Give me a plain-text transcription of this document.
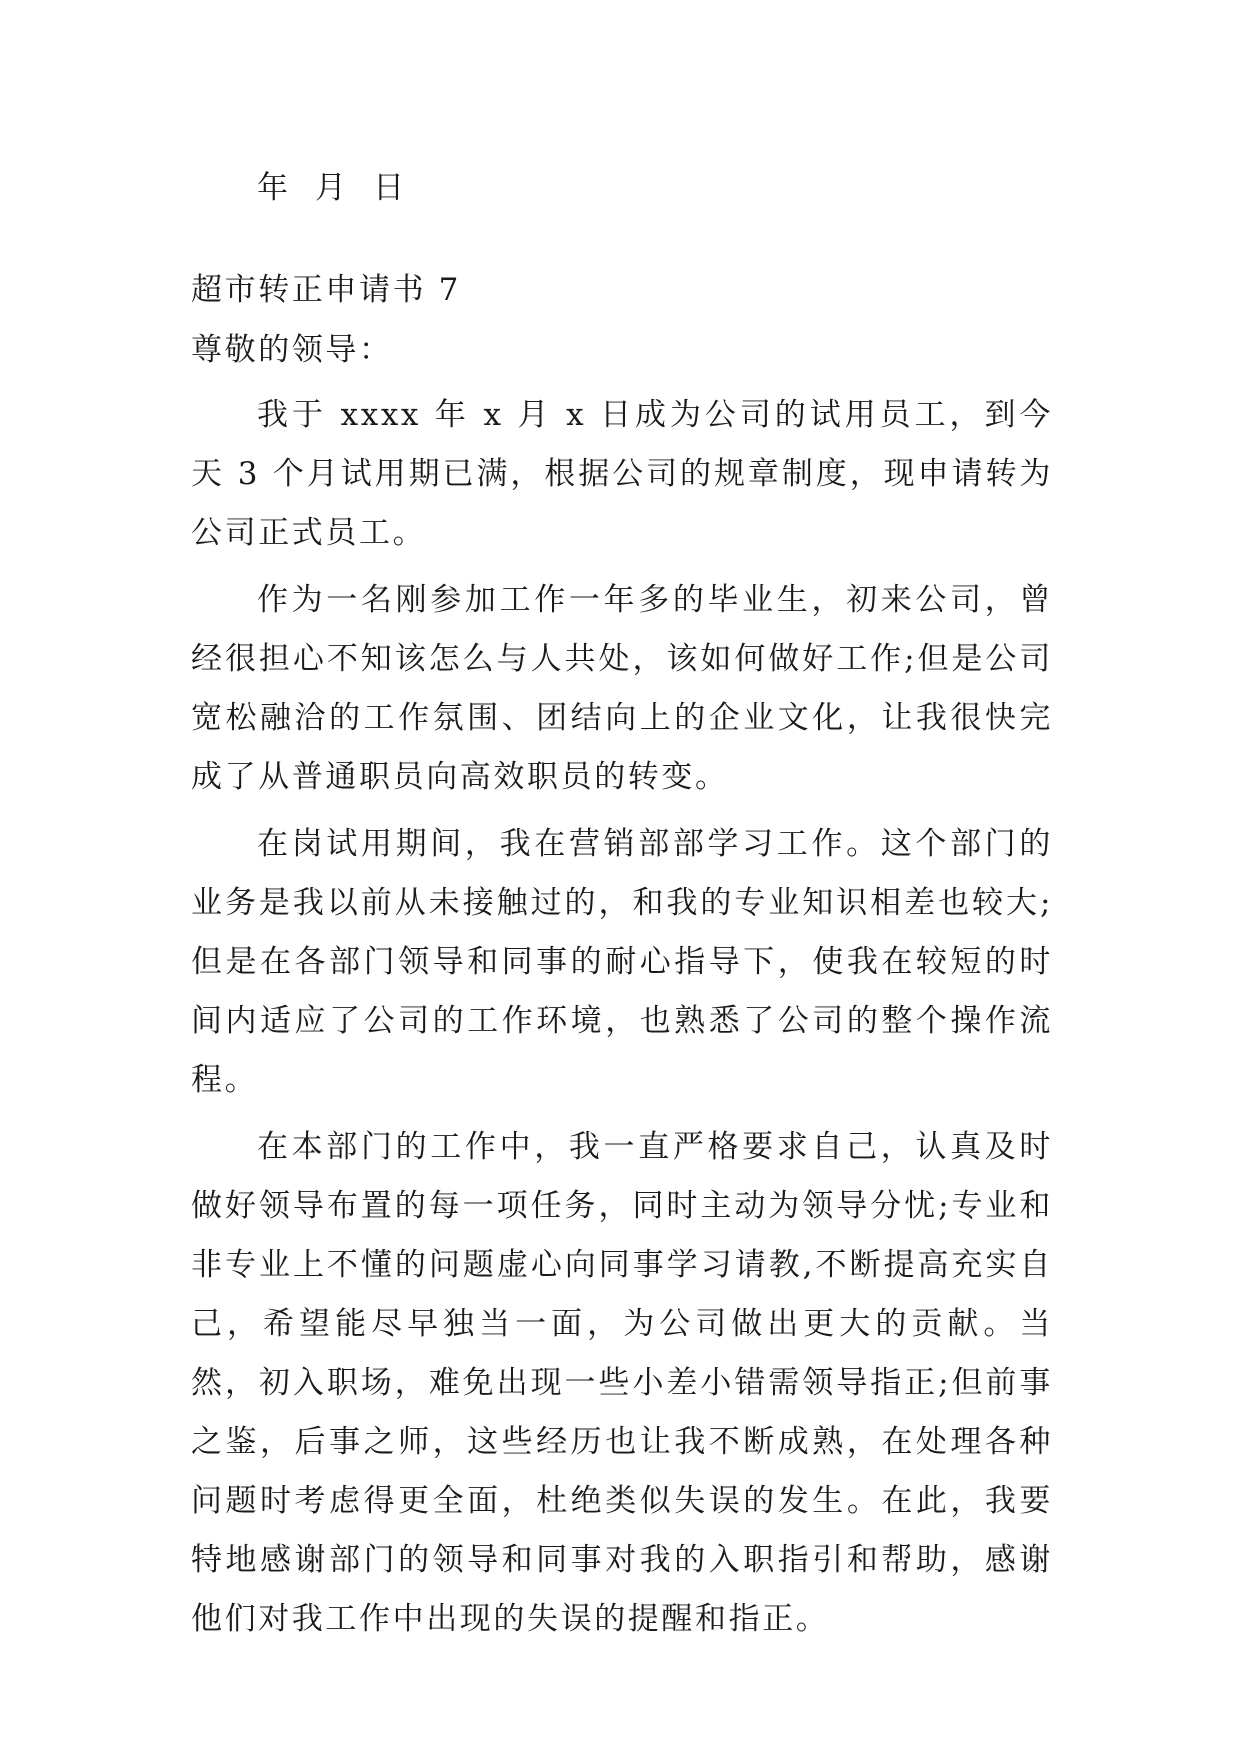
年 月 日
超市转正申请书 7
尊敬的领导：

我于 xxxx 年 x 月 x 日成为公司的试用员工，到今天 3 个月试用期已满，根据公司的规章制度，现申请转为公司正式员工。

作为一名刚参加工作一年多的毕业生，初来公司，曾经很担心不知该怎么与人共处，该如何做好工作;但是公司宽松融洽的工作氛围、团结向上的企业文化，让我很快完成了从普通职员向高效职员的转变。

在岗试用期间，我在营销部部学习工作。这个部门的业务是我以前从未接触过的，和我的专业知识相差也较大;但是在各部门领导和同事的耐心指导下，使我在较短的时间内适应了公司的工作环境，也熟悉了公司的整个操作流程。

在本部门的工作中，我一直严格要求自己，认真及时做好领导布置的每一项任务，同时主动为领导分忧;专业和非专业上不懂的问题虚心向同事学习请教,不断提高充实自己，希望能尽早独当一面，为公司做出更大的贡献。当然，初入职场，难免出现一些小差小错需领导指正;但前事之鉴，后事之师，这些经历也让我不断成熟，在处理各种问题时考虑得更全面，杜绝类似失误的发生。在此，我要特地感谢部门的领导和同事对我的入职指引和帮助，感谢他们对我工作中出现的失误的提醒和指正。
